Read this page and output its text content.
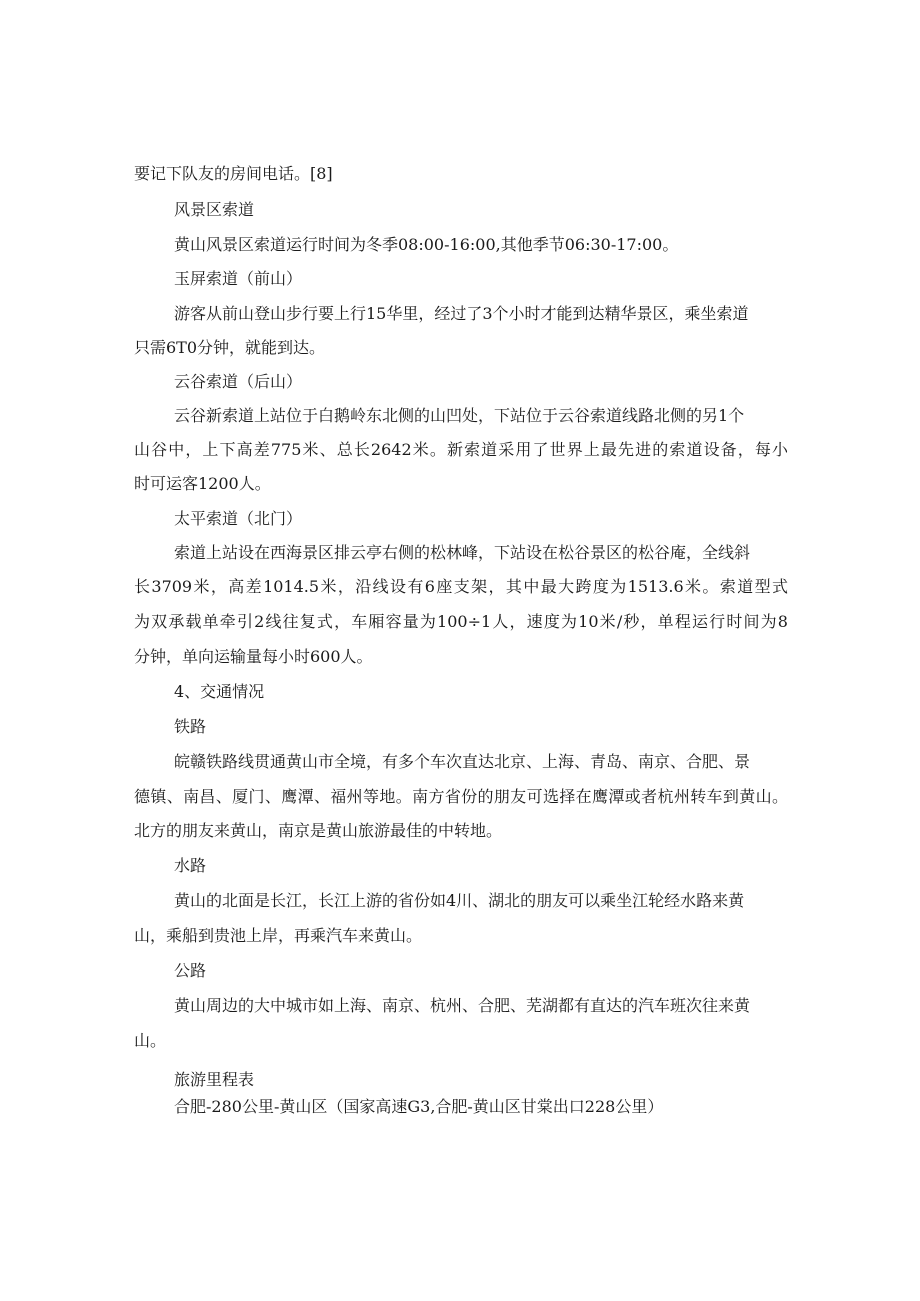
要记下队友的房间电话。[8]
风景区索道
黄山风景区索道运行时间为冬季08:00-16:00,其他季节06:30-17:00。
玉屏索道（前山）
游客从前山登山步行要上行15华里，经过了3个小时才能到达精华景区，乘坐索道
只需6T0分钟，就能到达。
云谷索道（后山）
云谷新索道上站位于白鹅岭东北侧的山凹处，下站位于云谷索道线路北侧的另1个
山谷中，上下高差775米、总长2642米。新索道采用了世界上最先进的索道设备，每小
时可运客1200人。
太平索道（北门）
索道上站设在西海景区排云亭右侧的松林峰，下站设在松谷景区的松谷庵，全线斜
长3709米，高差1014.5米，沿线设有6座支架，其中最大跨度为1513.6米。索道型式
为双承载单牵引2线往复式，车厢容量为100÷1人，速度为10米/秒，单程运行时间为8
分钟，单向运输量每小时600人。
4、交通情况
铁路
皖赣铁路线贯通黄山市全境，有多个车次直达北京、上海、青岛、南京、合肥、景
德镇、南昌、厦门、鹰潭、福州等地。南方省份的朋友可选择在鹰潭或者杭州转车到黄山。
北方的朋友来黄山，南京是黄山旅游最佳的中转地。
水路
黄山的北面是长江，长江上游的省份如4川、湖北的朋友可以乘坐江轮经水路来黄
山，乘船到贵池上岸，再乘汽车来黄山。
公路
黄山周边的大中城市如上海、南京、杭州、合肥、芜湖都有直达的汽车班次往来黄
山。
旅游里程表
合肥-280公里-黄山区（国家高速G3,合肥-黄山区甘棠出口228公里）
